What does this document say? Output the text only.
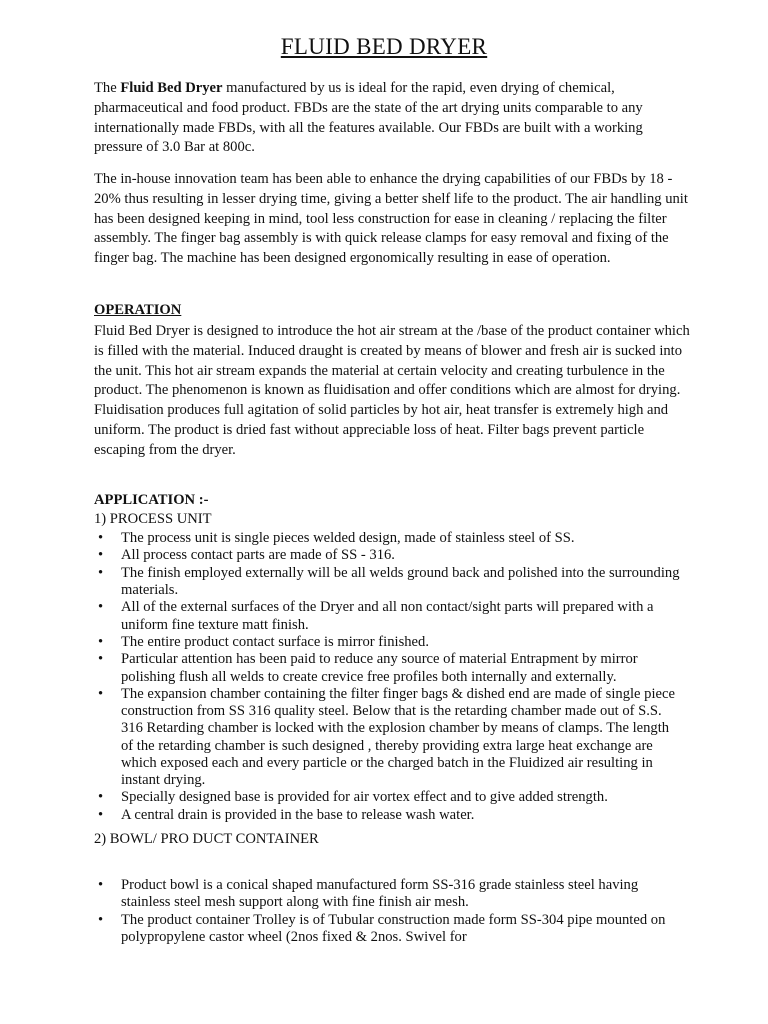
FLUID BED DRYER

The Fluid Bed Dryer manufactured by us is ideal for the rapid, even drying of chemical, pharmaceutical and food product. FBDs are the state of the art drying units comparable to any internationally made FBDs, with all the features available. Our FBDs are built with a working pressure of 3.0 Bar at 800c.

The in-house innovation team has been able to enhance the drying capabilities of our FBDs by 18 - 20% thus resulting in lesser drying time, giving a better shelf life to the product. The air handling unit has been designed keeping in mind, tool less construction for ease in cleaning / replacing the filter assembly. The finger bag assembly is with quick release clamps for easy removal and fixing of the finger bag. The machine has been designed ergonomically resulting in ease of operation.

OPERATION

Fluid Bed Dryer is designed to introduce the hot air stream at the /base of the product container which is filled with the material. Induced draught is created by means of blower and fresh air is sucked into the unit. This hot air stream expands the material at certain velocity and creating turbulence in the product. The phenomenon is known as fluidisation and offer conditions which are almost for drying. Fluidisation produces full agitation of solid particles by hot air, heat transfer is extremely high and uniform. The product is dried fast without appreciable loss of heat. Filter bags prevent particle escaping from the dryer.

APPLICATION :-
1) PROCESS UNIT
• The process unit is single pieces welded design, made of stainless steel of SS.
• All process contact parts are made of SS - 316.
• The finish employed externally will be all welds ground back and polished into the surrounding materials.
• All of the external surfaces of the Dryer and all non contact/sight parts will prepared with a uniform fine texture matt finish.
• The entire product contact surface is mirror finished.
• Particular attention has been paid to reduce any source of material Entrapment by mirror polishing flush all welds to create crevice free profiles both internally and externally.
• The expansion chamber containing the filter finger bags & dished end are made of single piece construction from SS 316 quality steel. Below that is the retarding chamber made out of S.S. 316 Retarding chamber is locked with the explosion chamber by means of clamps. The length of the retarding chamber is such designed , thereby providing extra large heat exchange are which exposed each and every particle or the charged batch in the Fluidized air resulting in instant drying.
• Specially designed base is provided for air vortex effect and to give added strength.
• A central drain is provided in the base to release wash water.
2) BOWL/ PRO DUCT CONTAINER
• Product bowl is a conical shaped manufactured form SS-316 grade stainless steel having stainless steel mesh support along with fine finish air mesh.
• The product container Trolley is of Tubular construction made form SS-304 pipe mounted on polypropylene castor wheel (2nos fixed & 2nos. Swivel for
